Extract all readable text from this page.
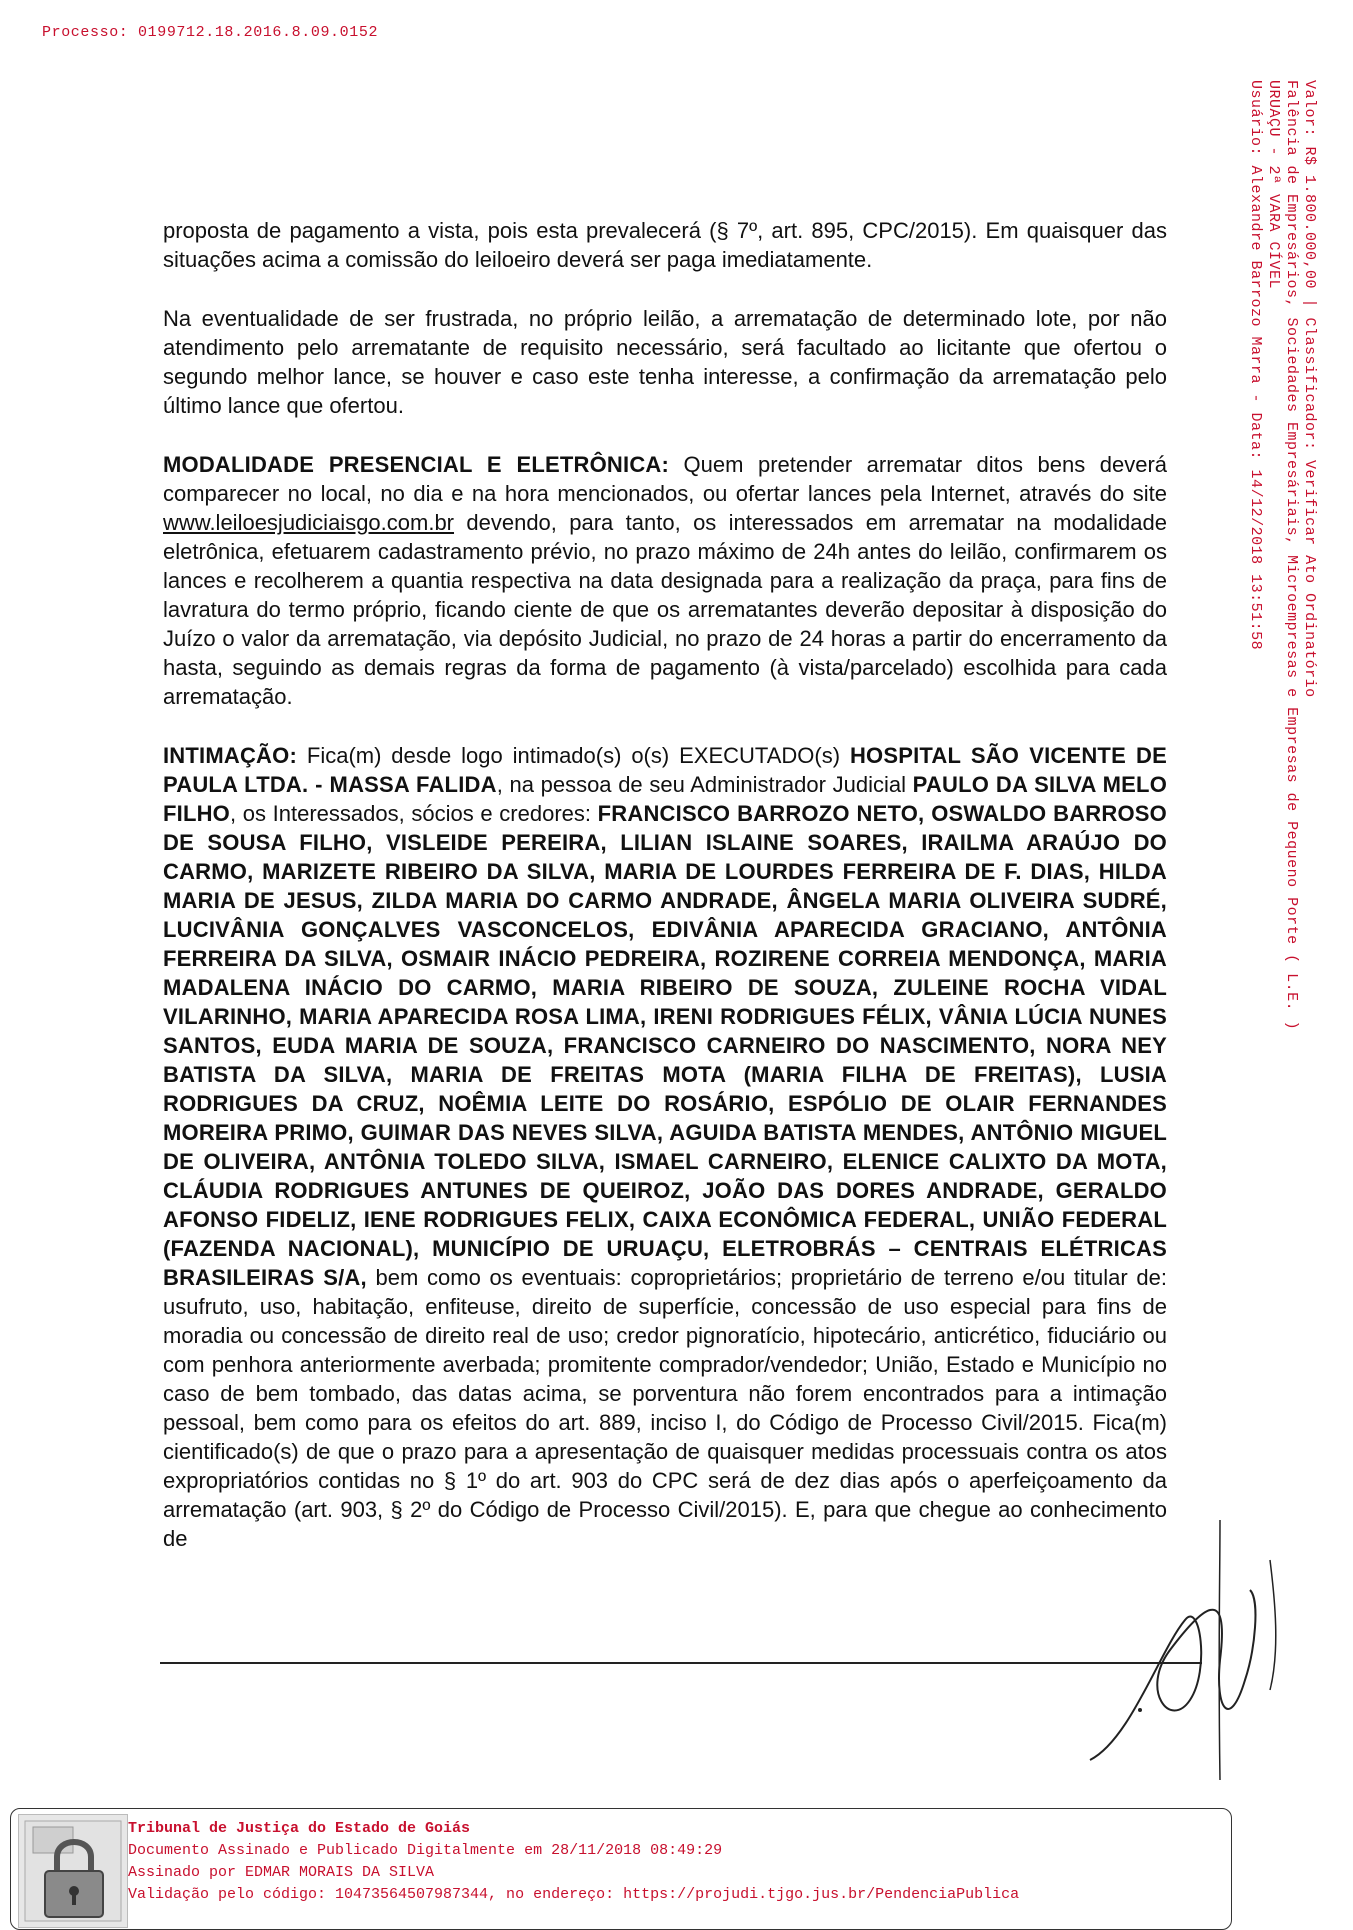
Processo: 0199712.18.2016.8.09.0152
Valor: R$ 1.800.000,00 | Classificador: Verificar Ato Ordinatório
Falência de Empresários, Sociedades Empresáriais, Microempresas e Empresas de Pequeno Porte ( L.E. )
URUAÇU - 2ª VARA CÍVEL
Usuário: Alexandre Barrozo Marra - Data: 14/12/2018 13:51:58

proposta de pagamento a vista, pois esta prevalecerá (§ 7º, art. 895, CPC/2015). Em quaisquer das situações acima a comissão do leiloeiro deverá ser paga imediatamente.

Na eventualidade de ser frustrada, no próprio leilão, a arrematação de determinado lote, por não atendimento pelo arrematante de requisito necessário, será facultado ao licitante que ofertou o segundo melhor lance, se houver e caso este tenha interesse, a confirmação da arrematação pelo último lance que ofertou.

MODALIDADE PRESENCIAL E ELETRÔNICA: Quem pretender arrematar ditos bens deverá comparecer no local, no dia e na hora mencionados, ou ofertar lances pela Internet, através do site www.leiloesjudiciaisgo.com.br devendo, para tanto, os interessados em arrematar na modalidade eletrônica, efetuarem cadastramento prévio, no prazo máximo de 24h antes do leilão, confirmarem os lances e recolherem a quantia respectiva na data designada para a realização da praça, para fins de lavratura do termo próprio, ficando ciente de que os arrematantes deverão depositar à disposição do Juízo o valor da arrematação, via depósito Judicial, no prazo de 24 horas a partir do encerramento da hasta, seguindo as demais regras da forma de pagamento (à vista/parcelado) escolhida para cada arrematação.

INTIMAÇÃO: Fica(m) desde logo intimado(s) o(s) EXECUTADO(s) HOSPITAL SÃO VICENTE DE PAULA LTDA. - MASSA FALIDA, na pessoa de seu Administrador Judicial PAULO DA SILVA MELO FILHO, os Interessados, sócios e credores: FRANCISCO BARROZO NETO, OSWALDO BARROSO DE SOUSA FILHO, VISLEIDE PEREIRA, LILIAN ISLAINE SOARES, IRAILMA ARAÚJO DO CARMO, MARIZETE RIBEIRO DA SILVA, MARIA DE LOURDES FERREIRA DE F. DIAS, HILDA MARIA DE JESUS, ZILDA MARIA DO CARMO ANDRADE, ÂNGELA MARIA OLIVEIRA SUDRÉ, LUCIVÂNIA GONÇALVES VASCONCELOS, EDIVÂNIA APARECIDA GRACIANO, ANTÔNIA FERREIRA DA SILVA, OSMAIR INÁCIO PEDREIRA, ROZIRENE CORREIA MENDONÇA, MARIA MADALENA INÁCIO DO CARMO, MARIA RIBEIRO DE SOUZA, ZULEINE ROCHA VIDAL VILARINHO, MARIA APARECIDA ROSA LIMA, IRENI RODRIGUES FÉLIX, VÂNIA LÚCIA NUNES SANTOS, EUDA MARIA DE SOUZA, FRANCISCO CARNEIRO DO NASCIMENTO, NORA NEY BATISTA DA SILVA, MARIA DE FREITAS MOTA (MARIA FILHA DE FREITAS), LUSIA RODRIGUES DA CRUZ, NOÊMIA LEITE DO ROSÁRIO, ESPÓLIO DE OLAIR FERNANDES MOREIRA PRIMO, GUIMAR DAS NEVES SILVA, AGUIDA BATISTA MENDES, ANTÔNIO MIGUEL DE OLIVEIRA, ANTÔNIA TOLEDO SILVA, ISMAEL CARNEIRO, ELENICE CALIXTO DA MOTA, CLÁUDIA RODRIGUES ANTUNES DE QUEIROZ, JOÃO DAS DORES ANDRADE, GERALDO AFONSO FIDELIZ, IENE RODRIGUES FELIX, CAIXA ECONÔMICA FEDERAL, UNIÃO FEDERAL (FAZENDA NACIONAL), MUNICÍPIO DE URUAÇU, ELETROBRÁS – CENTRAIS ELÉTRICAS BRASILEIRAS S/A, bem como os eventuais: coproprietários; proprietário de terreno e/ou titular de: usufruto, uso, habitação, enfiteuse, direito de superfície, concessão de uso especial para fins de moradia ou concessão de direito real de uso; credor pignoratício, hipotecário, anticrético, fiduciário ou com penhora anteriormente averbada; promitente comprador/vendedor; União, Estado e Município no caso de bem tombado, das datas acima, se porventura não forem encontrados para a intimação pessoal, bem como para os efeitos do art. 889, inciso I, do Código de Processo Civil/2015. Fica(m) cientificado(s) de que o prazo para a apresentação de quaisquer medidas processuais contra os atos expropriatórios contidas no § 1º do art. 903 do CPC será de dez dias após o aperfeiçoamento da arrematação (art. 903, § 2º do Código de Processo Civil/2015). E, para que chegue ao conhecimento de

Tribunal de Justiça do Estado de Goiás
Documento Assinado e Publicado Digitalmente em 28/11/2018 08:49:29
Assinado por EDMAR MORAIS DA SILVA
Validação pelo código: 10473564507987344, no endereço: https://projudi.tjgo.jus.br/PendenciaPublica
